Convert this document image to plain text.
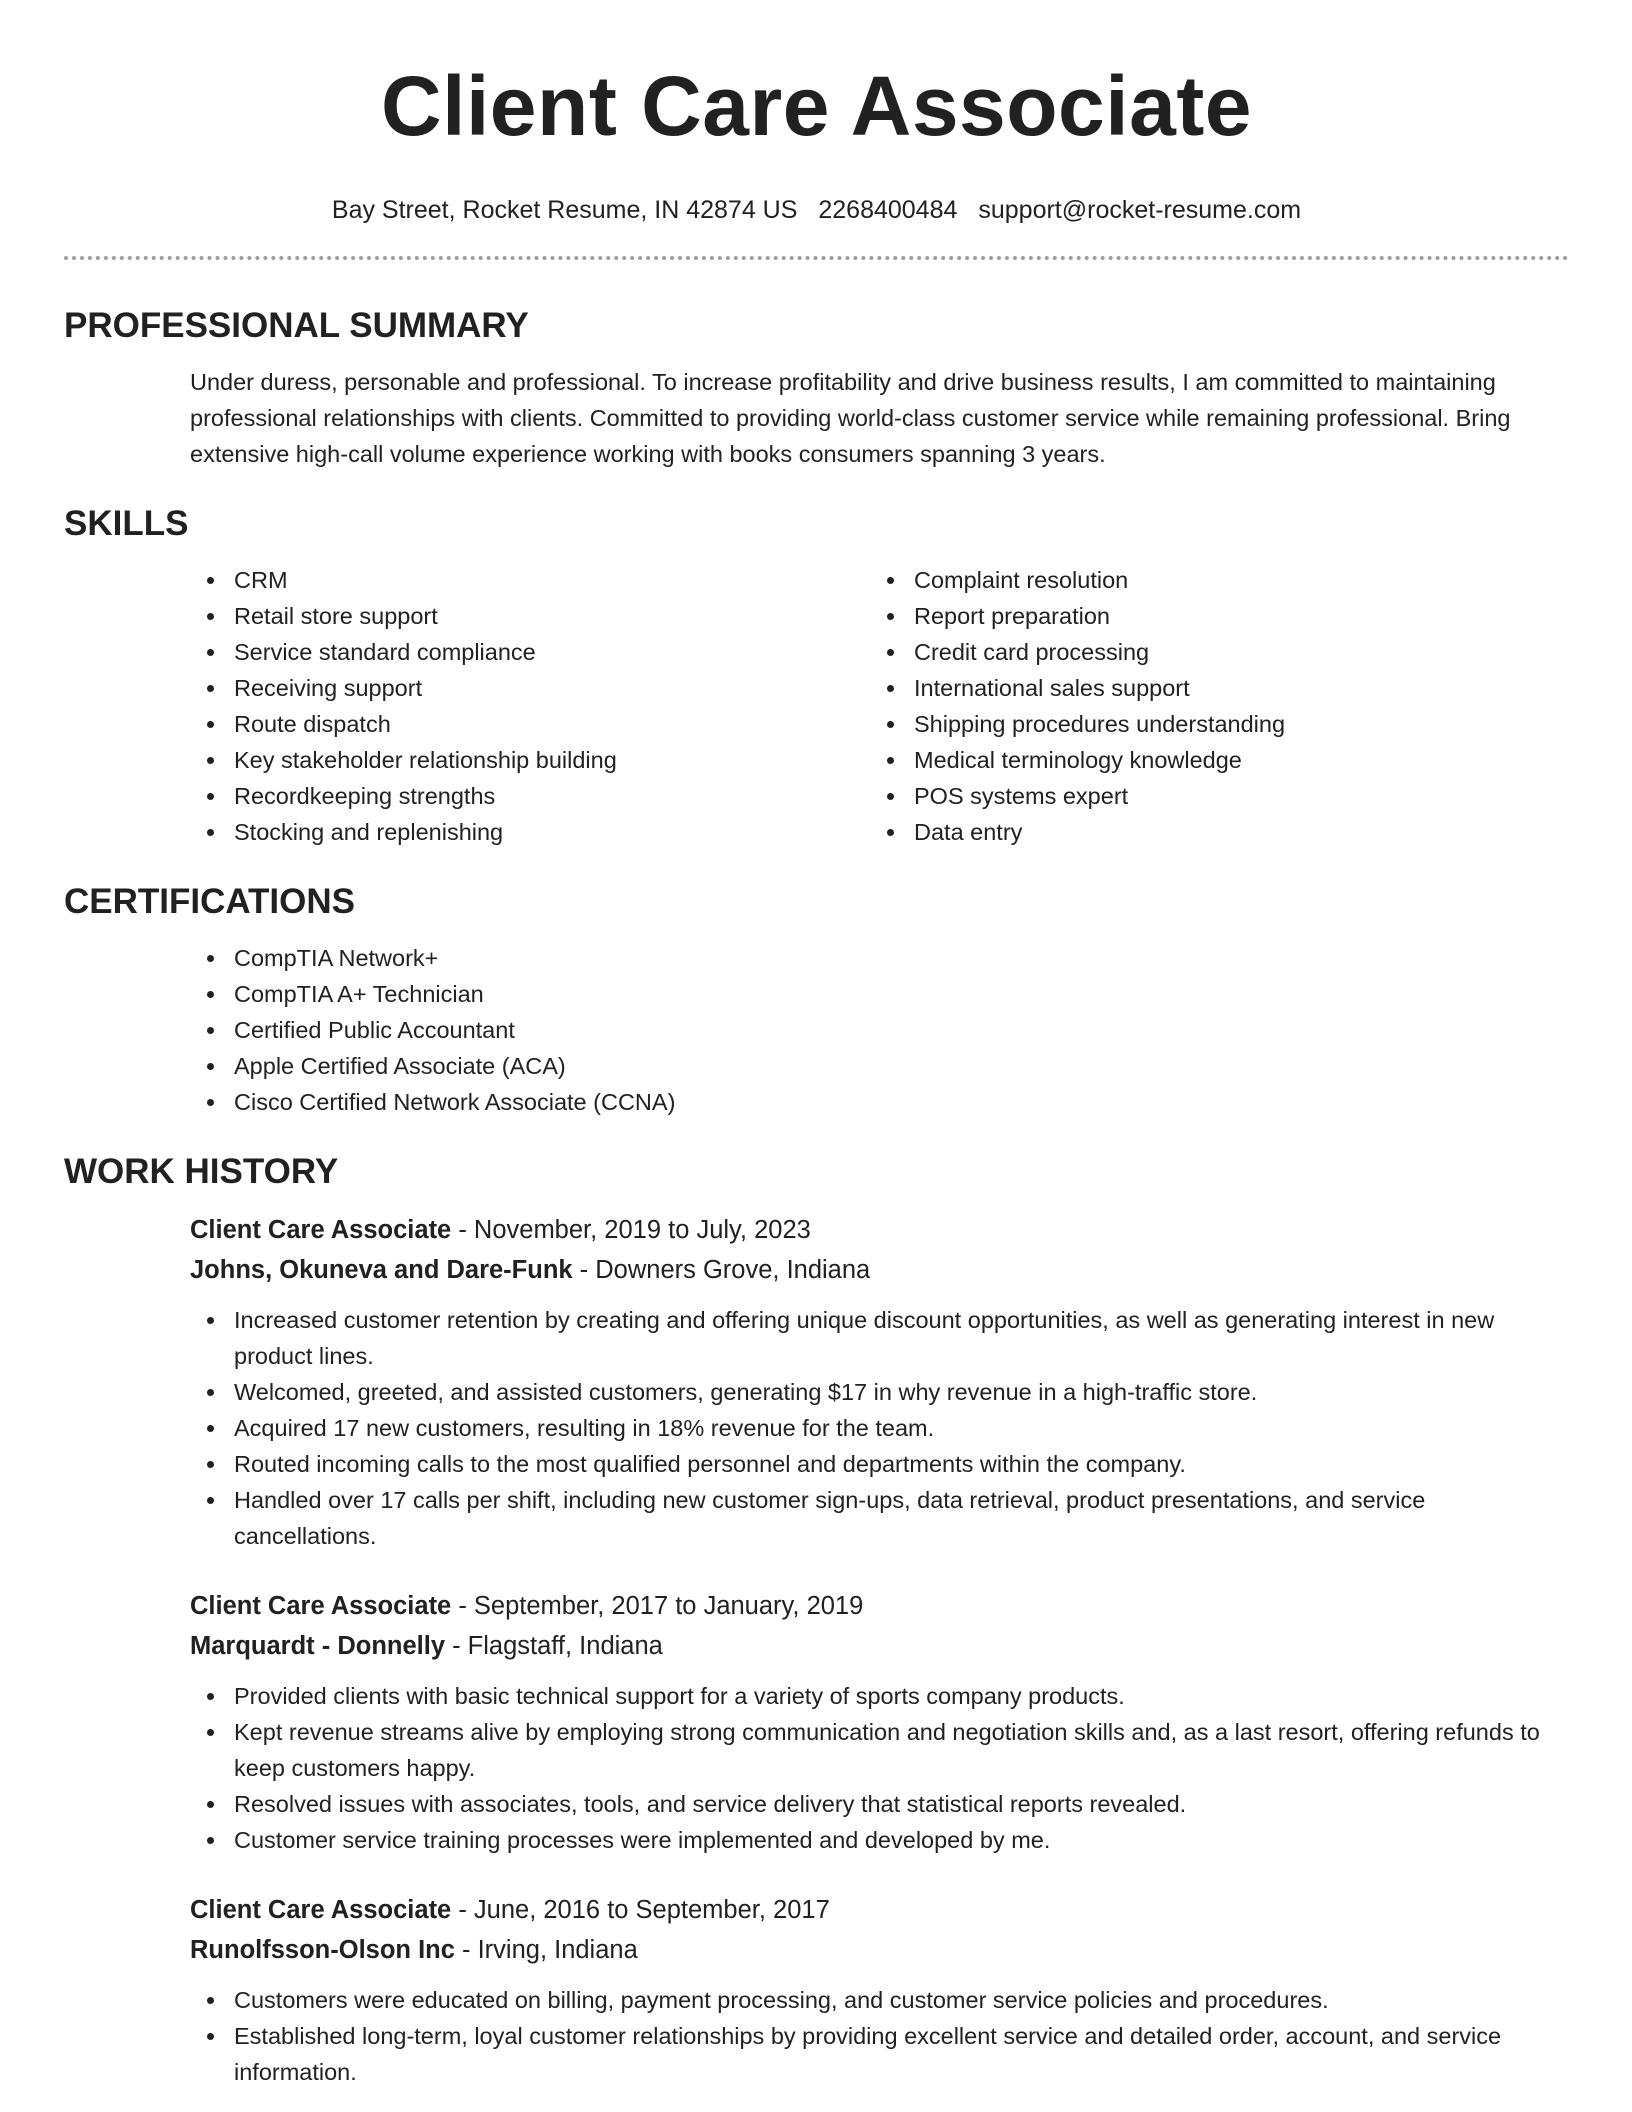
Client Care Associate
Bay Street, Rocket Resume, IN 42874 US 2268400484 support@rocket-resume.com
PROFESSIONAL SUMMARY

Under duress, personable and professional. To increase profitability and drive business results, I am committed to maintaining professional relationships with clients. Committed to providing world-class customer service while remaining professional. Bring extensive high-call volume experience working with books consumers spanning 3 years.

SKILLS
CRM
Retail store support
Service standard compliance
Receiving support
Route dispatch
Key stakeholder relationship building
Recordkeeping strengths
Stocking and replenishing
Complaint resolution
Report preparation
Credit card processing
International sales support
Shipping procedures understanding
Medical terminology knowledge
POS systems expert
Data entry
CERTIFICATIONS
CompTIA Network+
CompTIA A+ Technician
Certified Public Accountant
Apple Certified Associate (ACA)
Cisco Certified Network Associate (CCNA)
WORK HISTORY
Client Care Associate - November, 2019 to July, 2023
Johns, Okuneva and Dare-Funk - Downers Grove, Indiana
Increased customer retention by creating and offering unique discount opportunities, as well as generating interest in new product lines.
Welcomed, greeted, and assisted customers, generating $17 in why revenue in a high-traffic store.
Acquired 17 new customers, resulting in 18% revenue for the team.
Routed incoming calls to the most qualified personnel and departments within the company.
Handled over 17 calls per shift, including new customer sign-ups, data retrieval, product presentations, and service cancellations.
Client Care Associate - September, 2017 to January, 2019
Marquardt - Donnelly - Flagstaff, Indiana
Provided clients with basic technical support for a variety of sports company products.
Kept revenue streams alive by employing strong communication and negotiation skills and, as a last resort, offering refunds to keep customers happy.
Resolved issues with associates, tools, and service delivery that statistical reports revealed.
Customer service training processes were implemented and developed by me.
Client Care Associate - June, 2016 to September, 2017
Runolfsson-Olson Inc - Irving, Indiana
Customers were educated on billing, payment processing, and customer service policies and procedures.
Established long-term, loyal customer relationships by providing excellent service and detailed order, account, and service information.
